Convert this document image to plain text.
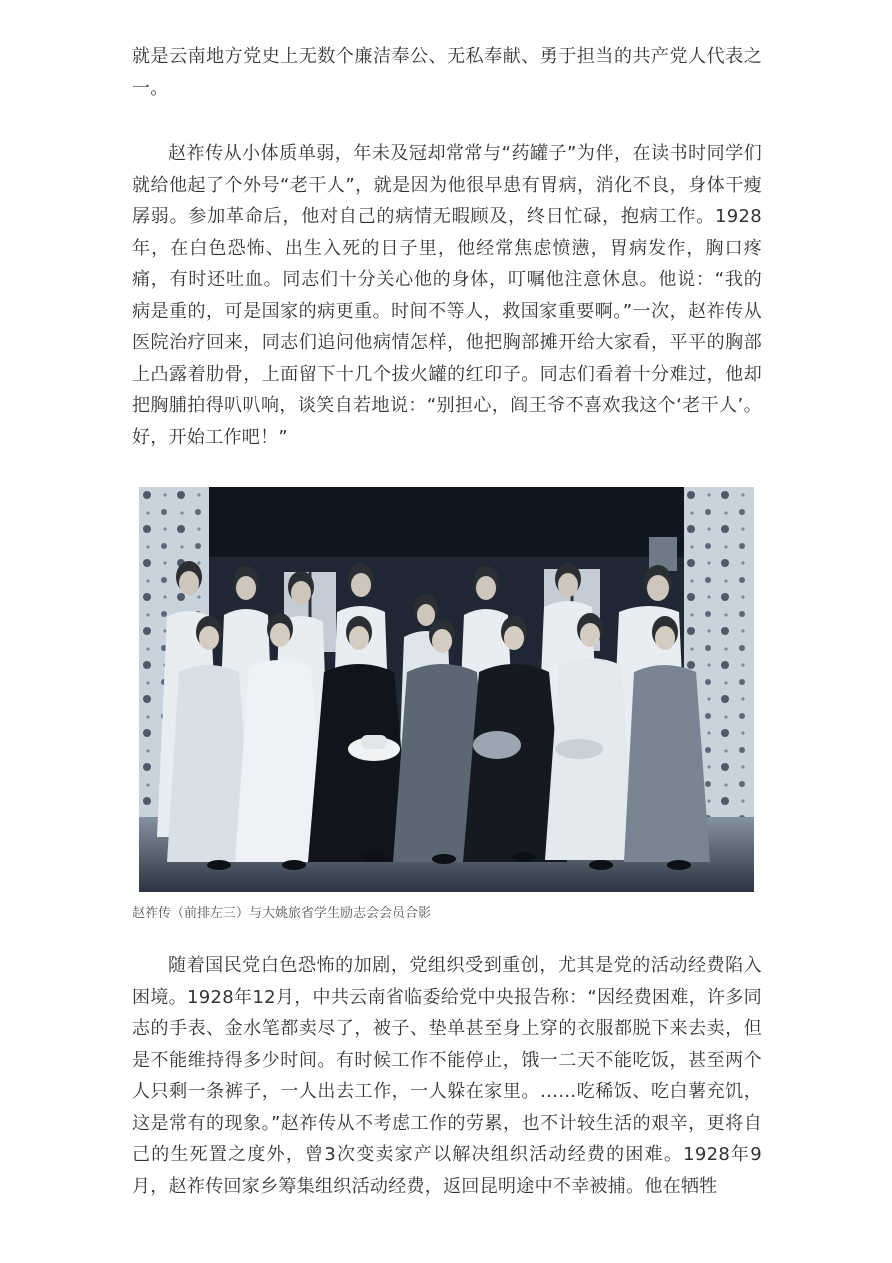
就是云南地方党史上无数个廉洁奉公、无私奉献、勇于担当的共产党人代表之一。

赵祚传从小体质单弱，年未及冠却常常与“药罐子”为伴，在读书时同学们就给他起了个外号“老干人”，就是因为他很早患有胃病，消化不良，身体干瘦孱弱。参加革命后，他对自己的病情无暇顾及，终日忙碌，抱病工作。1928年，在白色恐怖、出生入死的日子里，他经常焦虑愤懑，胃病发作，胸口疼痛，有时还吐血。同志们十分关心他的身体，叮嘱他注意休息。他说：“我的病是重的，可是国家的病更重。时间不等人，救国家重要啊。”一次，赵祚传从医院治疗回来，同志们追问他病情怎样，他把胸部摊开给大家看，平平的胸部上凸露着肋骨，上面留下十几个拔火罐的红印子。同志们看着十分难过，他却把胸脯拍得叭叭响，谈笑自若地说：“别担心，阎王爷不喜欢我这个‘老干人’。好，开始工作吧！”

赵祚传（前排左三）与大姚旅省学生励志会会员合影

随着国民党白色恐怖的加剧，党组织受到重创，尤其是党的活动经费陷入困境。1928年12月，中共云南省临委给党中央报告称：“因经费困难，许多同志的手表、金水笔都卖尽了，被子、垫单甚至身上穿的衣服都脱下来去卖，但是不能维持得多少时间。有时候工作不能停止，饿一二天不能吃饭，甚至两个人只剩一条裤子，一人出去工作，一人躲在家里。……吃稀饭、吃白薯充饥，这是常有的现象。”赵祚传从不考虑工作的劳累，也不计较生活的艰辛，更将自己的生死置之度外，曾3次变卖家产以解决组织活动经费的困难。1928年9月，赵祚传回家乡筹集组织活动经费，返回昆明途中不幸被捕。他在牺牲
